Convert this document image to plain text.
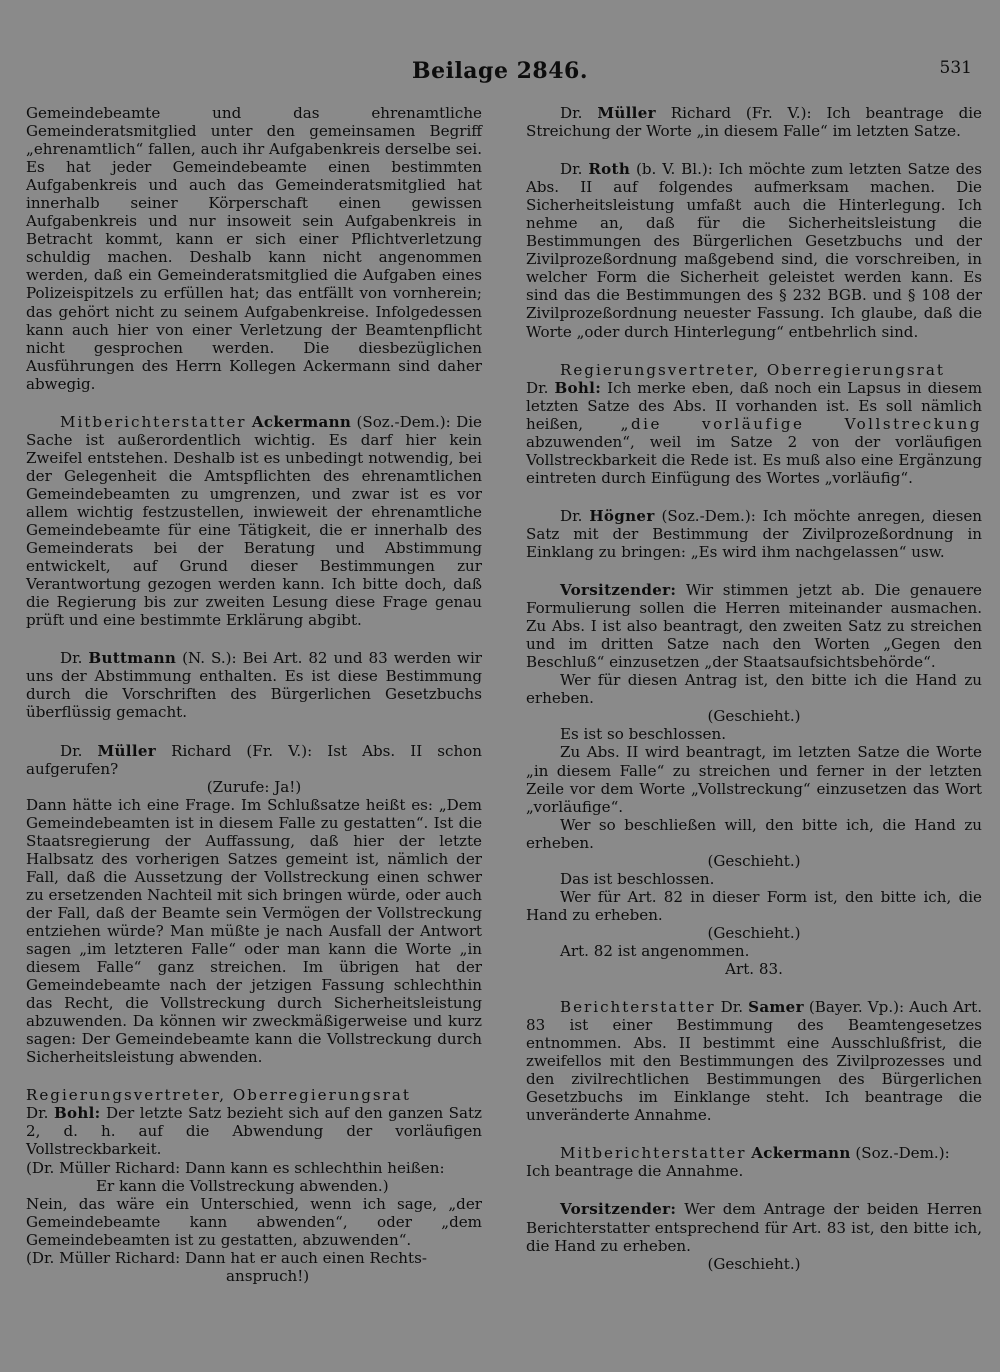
Beilage 2846.	531

Gemeindebeamte und das ehrenamtliche Gemeinderatsmitglied unter den gemeinsamen Begriff „ehrenamtlich“ fallen, auch ihr Aufgabenkreis derselbe sei. Es hat jeder Gemeindebeamte einen bestimmten Aufgabenkreis und auch das Gemeinderatsmitglied hat innerhalb seiner Körperschaft einen gewissen Aufgabenkreis und nur insoweit sein Aufgabenkreis in Betracht kommt, kann er sich einer Pflichtverletzung schuldig machen. Deshalb kann nicht angenommen werden, daß ein Gemeinderatsmitglied die Aufgaben eines Polizeispitzels zu erfüllen hat; das entfällt von vornherein; das gehört nicht zu seinem Aufgabenkreise. Infolgedessen kann auch hier von einer Verletzung der Beamtenpflicht nicht gesprochen werden. Die diesbezüglichen Ausführungen des Herrn Kollegen Ackermann sind daher abwegig.

Mitberichterstatter Ackermann (Soz.-Dem.): Die Sache ist außerordentlich wichtig. Es darf hier kein Zweifel entstehen. Deshalb ist es unbedingt notwendig, bei der Gelegenheit die Amtspflichten des ehrenamtlichen Gemeindebeamten zu umgrenzen, und zwar ist es vor allem wichtig festzustellen, inwieweit der ehrenamtliche Gemeindebeamte für eine Tätigkeit, die er innerhalb des Gemeinderats bei der Beratung und Abstimmung entwickelt, auf Grund dieser Bestimmungen zur Verantwortung gezogen werden kann. Ich bitte doch, daß die Regierung bis zur zweiten Lesung diese Frage genau prüft und eine bestimmte Erklärung abgibt.

Dr. Buttmann (N. S.): Bei Art. 82 und 83 werden wir uns der Abstimmung enthalten. Es ist diese Bestimmung durch die Vorschriften des Bürgerlichen Gesetzbuchs überflüssig gemacht.

Dr. Müller Richard (Fr. V.): Ist Abs. II schon aufgerufen?

(Zurufe: Ja!)

Dann hätte ich eine Frage. Im Schlußsatze heißt es: „Dem Gemeindebeamten ist in diesem Falle zu gestatten“. Ist die Staatsregierung der Auffassung, daß hier der letzte Halbsatz des vorherigen Satzes gemeint ist, nämlich der Fall, daß die Aussetzung der Vollstreckung einen schwer zu ersetzenden Nachteil mit sich bringen würde, oder auch der Fall, daß der Beamte sein Vermögen der Vollstreckung entziehen würde? Man müßte je nach Ausfall der Antwort sagen „im letzteren Falle“ oder man kann die Worte „in diesem Falle“ ganz streichen. Im übrigen hat der Gemeindebeamte nach der jetzigen Fassung schlechthin das Recht, die Vollstreckung durch Sicherheitsleistung abzuwenden. Da können wir zweckmäßigerweise und kurz sagen: Der Gemeindebeamte kann die Vollstreckung durch Sicherheitsleistung abwenden.

Regierungsvertreter, Oberregierungsrat

Dr. Bohl: Der letzte Satz bezieht sich auf den ganzen Satz 2, d. h. auf die Abwendung der vorläufigen Vollstreckbarkeit.

(Dr. Müller Richard: Dann kann es schlechthin heißen:

Er kann die Vollstreckung abwenden.)

Nein, das wäre ein Unterschied, wenn ich sage, „der Gemeindebeamte kann abwenden“, oder „dem Gemeindebeamten ist zu gestatten, abzuwenden“.

(Dr. Müller Richard: Dann hat er auch einen Rechts-

anspruch!)

Dr. Müller Richard (Fr. V.): Ich beantrage die Streichung der Worte „in diesem Falle“ im letzten Satze.

Dr. Roth (b. V. Bl.): Ich möchte zum letzten Satze des Abs. II auf folgendes aufmerksam machen. Die Sicherheitsleistung umfaßt auch die Hinterlegung. Ich nehme an, daß für die Sicherheitsleistung die Bestimmungen des Bürgerlichen Gesetzbuchs und der Zivilprozeßordnung maßgebend sind, die vorschreiben, in welcher Form die Sicherheit geleistet werden kann. Es sind das die Bestimmungen des § 232 BGB. und § 108 der Zivilprozeßordnung neuester Fassung. Ich glaube, daß die Worte „oder durch Hinterlegung“ entbehrlich sind.

Regierungsvertreter, Oberregierungsrat

Dr. Bohl: Ich merke eben, daß noch ein Lapsus in diesem letzten Satze des Abs. II vorhanden ist. Es soll nämlich heißen, „die vorläufige Vollstreckung abzuwenden“, weil im Satze 2 von der vorläufigen Vollstreckbarkeit die Rede ist. Es muß also eine Ergänzung eintreten durch Einfügung des Wortes „vorläufig“.

Dr. Högner (Soz.-Dem.): Ich möchte anregen, diesen Satz mit der Bestimmung der Zivilprozeßordnung in Einklang zu bringen: „Es wird ihm nachgelassen“ usw.

Vorsitzender: Wir stimmen jetzt ab. Die genauere Formulierung sollen die Herren miteinander ausmachen. Zu Abs. I ist also beantragt, den zweiten Satz zu streichen und im dritten Satze nach den Worten „Gegen den Beschluß“ einzusetzen „der Staatsaufsichtsbehörde“.

Wer für diesen Antrag ist, den bitte ich die Hand zu erheben.

(Geschieht.)

Es ist so beschlossen.

Zu Abs. II wird beantragt, im letzten Satze die Worte „in diesem Falle“ zu streichen und ferner in der letzten Zeile vor dem Worte „Vollstreckung“ einzusetzen das Wort „vorläufige“.

Wer so beschließen will, den bitte ich, die Hand zu erheben.

(Geschieht.)

Das ist beschlossen.

Wer für Art. 82 in dieser Form ist, den bitte ich, die Hand zu erheben.

(Geschieht.)

Art. 82 ist angenommen.

Art. 83.

Berichterstatter Dr. Samer (Bayer. Vp.): Auch Art. 83 ist einer Bestimmung des Beamtengesetzes entnommen. Abs. II bestimmt eine Ausschlußfrist, die zweifellos mit den Bestimmungen des Zivilprozesses und den zivilrechtlichen Bestimmungen des Bürgerlichen Gesetzbuchs im Einklange steht. Ich beantrage die unveränderte Annahme.

Mitberichterstatter Ackermann (Soz.-Dem.):

Ich beantrage die Annahme.

Vorsitzender: Wer dem Antrage der beiden Herren Berichterstatter entsprechend für Art. 83 ist, den bitte ich, die Hand zu erheben.

(Geschieht.)
